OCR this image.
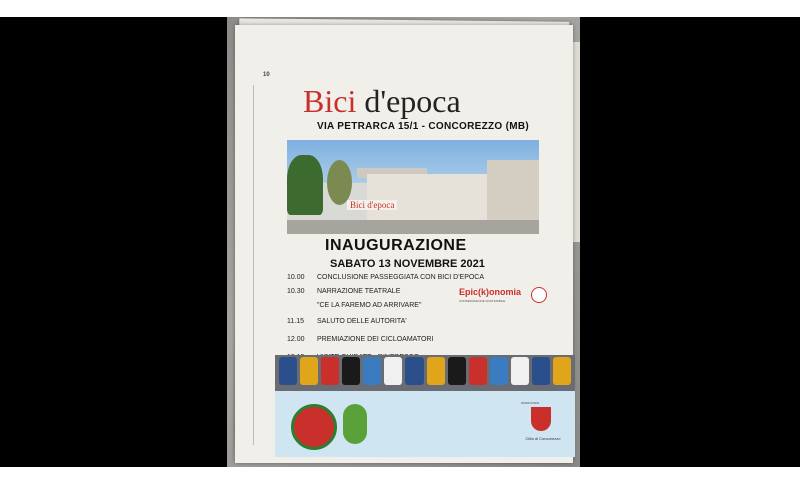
10
Bici d'epoca
VIA PETRARCA 15/1 - CONCOREZZO (MB)
Bici d'epoca
INAUGURAZIONE
SABATO 13 NOVEMBRE 2021
10.00	CONCLUSIONE PASSEGGIATA CON BICI D'EPOCA
10.30	NARRAZIONE TEATRALE
"CE LA FAREMO AD ARRIVARE"
11.15	SALUTO DELLE AUTORITA'
12.00	PREMIAZIONE DEI CICLOAMATORI
Epic(k)onomia
CONSERVAZIONE SOSTENIBILE
PATROCINIO
Città di Concorezzo
